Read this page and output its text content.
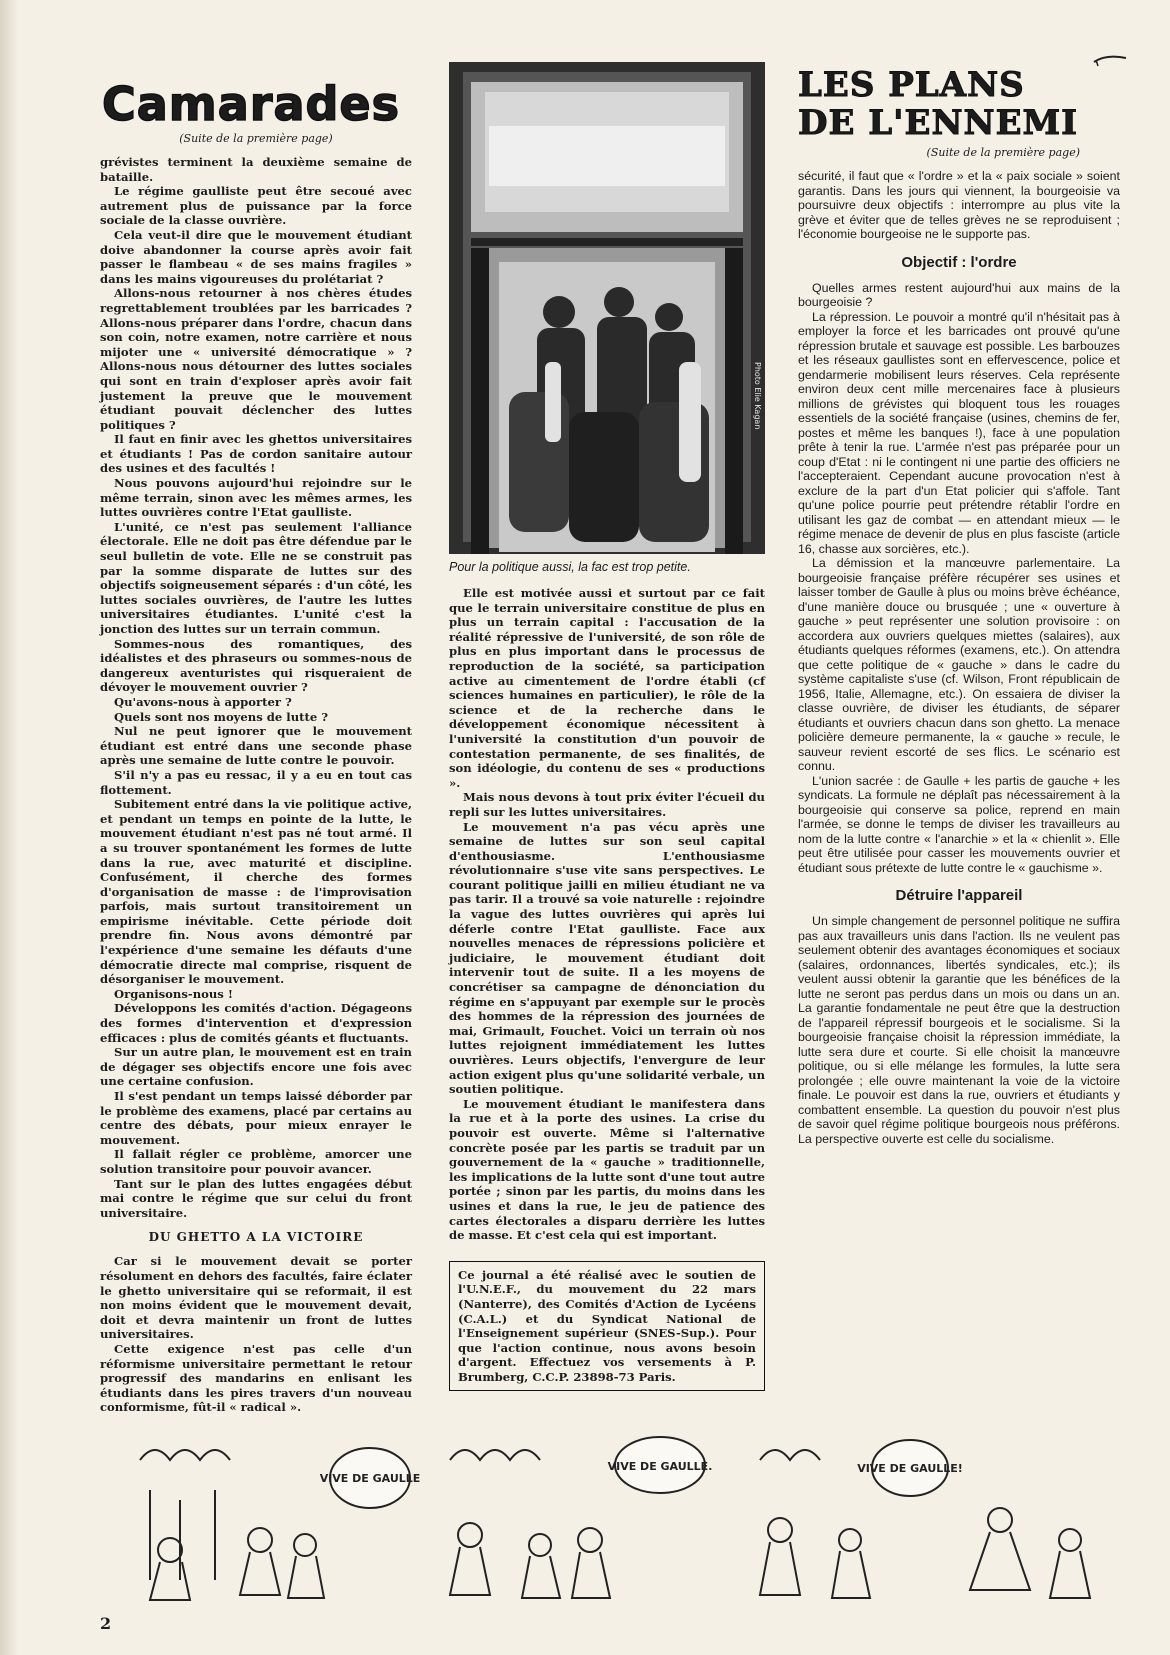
Camarades
(Suite de la première page)

grévistes terminent la deuxième semaine de bataille.

Le régime gaulliste peut être secoué avec autrement plus de puissance par la force sociale de la classe ouvrière.

Cela veut-il dire que le mouvement étudiant doive abandonner la course après avoir fait passer le flambeau « de ses mains fragiles » dans les mains vigoureuses du prolétariat ?

Allons-nous retourner à nos chères études regrettablement troublées par les barricades ? Allons-nous préparer dans l'ordre, chacun dans son coin, notre examen, notre carrière et nous mijoter une « université démocratique » ? Allons-nous nous détourner des luttes sociales qui sont en train d'exploser après avoir fait justement la preuve que le mouvement étudiant pouvait déclencher des luttes politiques ?

Il faut en finir avec les ghettos universitaires et étudiants ! Pas de cordon sanitaire autour des usines et des facultés !

Nous pouvons aujourd'hui rejoindre sur le même terrain, sinon avec les mêmes armes, les luttes ouvrières contre l'Etat gaulliste.

L'unité, ce n'est pas seulement l'alliance électorale. Elle ne doit pas être défendue par le seul bulletin de vote. Elle ne se construit pas par la somme disparate de luttes sur des objectifs soigneusement séparés : d'un côté, les luttes sociales ouvrières, de l'autre les luttes universitaires étudiantes. L'unité c'est la jonction des luttes sur un terrain commun.

Sommes-nous des romantiques, des idéalistes et des phraseurs ou sommes-nous de dangereux aventuristes qui risqueraient de dévoyer le mouvement ouvrier ?

Qu'avons-nous à apporter ?

Quels sont nos moyens de lutte ?

Nul ne peut ignorer que le mouvement étudiant est entré dans une seconde phase après une semaine de lutte contre le pouvoir.

S'il n'y a pas eu ressac, il y a eu en tout cas flottement.

Subitement entré dans la vie politique active, et pendant un temps en pointe de la lutte, le mouvement étudiant n'est pas né tout armé. Il a su trouver spontanément les formes de lutte dans la rue, avec maturité et discipline. Confusément, il cherche des formes d'organisation de masse : de l'improvisation parfois, mais surtout transitoirement un empirisme inévitable. Cette période doit prendre fin. Nous avons démontré par l'expérience d'une semaine les défauts d'une démocratie directe mal comprise, risquent de désorganiser le mouvement.

Organisons-nous !

Développons les comités d'action. Dégageons des formes d'intervention et d'expression efficaces : plus de comités géants et fluctuants.

Sur un autre plan, le mouvement est en train de dégager ses objectifs encore une fois avec une certaine confusion.

Il s'est pendant un temps laissé déborder par le problème des examens, placé par certains au centre des débats, pour mieux enrayer le mouvement.

Il fallait régler ce problème, amorcer une solution transitoire pour pouvoir avancer.

Tant sur le plan des luttes engagées début mai contre le régime que sur celui du front universitaire.

DU GHETTO A LA VICTOIRE

Car si le mouvement devait se porter résolument en dehors des facultés, faire éclater le ghetto universitaire qui se reformait, il est non moins évident que le mouvement devait, doit et devra maintenir un front de luttes universitaires.

Cette exigence n'est pas celle d'un réformisme universitaire permettant le retour progressif des mandarins en enlisant les étudiants dans les pires travers d'un nouveau conformisme, fût-il « radical ».

Photo Elie Kagan
Pour la politique aussi, la fac est trop petite.

Elle est motivée aussi et surtout par ce fait que le terrain universitaire constitue de plus en plus un terrain capital : l'accusation de la réalité répressive de l'université, de son rôle de plus en plus important dans le processus de reproduction de la société, sa participation active au cimentement de l'ordre établi (cf sciences humaines en particulier), le rôle de la science et de la recherche dans le développement économique nécessitent à l'université la constitution d'un pouvoir de contestation permanente, de ses finalités, de son idéologie, du contenu de ses « productions ».

Mais nous devons à tout prix éviter l'écueil du repli sur les luttes universitaires.

Le mouvement n'a pas vécu après une semaine de luttes sur son seul capital d'enthousiasme. L'enthousiasme révolutionnaire s'use vite sans perspectives. Le courant politique jailli en milieu étudiant ne va pas tarir. Il a trouvé sa voie naturelle : rejoindre la vague des luttes ouvrières qui après lui déferle contre l'Etat gaulliste. Face aux nouvelles menaces de répressions policière et judiciaire, le mouvement étudiant doit intervenir tout de suite. Il a les moyens de concrétiser sa campagne de dénonciation du régime en s'appuyant par exemple sur le procès des hommes de la répression des journées de mai, Grimault, Fouchet. Voici un terrain où nos luttes rejoignent immédiatement les luttes ouvrières. Leurs objectifs, l'envergure de leur action exigent plus qu'une solidarité verbale, un soutien politique.

Le mouvement étudiant le manifestera dans la rue et à la porte des usines. La crise du pouvoir est ouverte. Même si l'alternative concrète posée par les partis se traduit par un gouvernement de la « gauche » traditionnelle, les implications de la lutte sont d'une tout autre portée ; sinon par les partis, du moins dans les usines et dans la rue, le jeu de patience des cartes électorales a disparu derrière les luttes de masse. Et c'est cela qui est important.

Ce journal a été réalisé avec le soutien de l'U.N.E.F., du mouvement du 22 mars (Nanterre), des Comités d'Action de Lycéens (C.A.L.) et du Syndicat National de l'Enseignement supérieur (SNES-Sup.). Pour que l'action continue, nous avons besoin d'argent. Effectuez vos versements à P. Brumberg, C.C.P. 23898-73 Paris.

LES PLANS
DE L'ENNEMI
(Suite de la première page)

sécurité, il faut que « l'ordre » et la « paix sociale » soient garantis. Dans les jours qui viennent, la bourgeoisie va poursuivre deux objectifs : interrompre au plus vite la grève et éviter que de telles grèves ne se reproduisent ; l'économie bourgeoise ne le supporte pas.

Objectif : l'ordre

Quelles armes restent aujourd'hui aux mains de la bourgeoisie ?

La répression. Le pouvoir a montré qu'il n'hésitait pas à employer la force et les barricades ont prouvé qu'une répression brutale et sauvage est possible. Les barbouzes et les réseaux gaullistes sont en effervescence, police et gendarmerie mobilisent leurs réserves. Cela représente environ deux cent mille mercenaires face à plusieurs millions de grévistes qui bloquent tous les rouages essentiels de la société française (usines, chemins de fer, postes et même les banques !), face à une population prête à tenir la rue. L'armée n'est pas préparée pour un coup d'Etat : ni le contingent ni une partie des officiers ne l'accepteraient. Cependant aucune provocation n'est à exclure de la part d'un Etat policier qui s'affole. Tant qu'une police pourrie peut prétendre rétablir l'ordre en utilisant les gaz de combat — en attendant mieux — le régime menace de devenir de plus en plus fasciste (article 16, chasse aux sorcières, etc.).

La démission et la manœuvre parlementaire. La bourgeoisie française préfère récupérer ses usines et laisser tomber de Gaulle à plus ou moins brève échéance, d'une manière douce ou brusquée ; une « ouverture à gauche » peut représenter une solution provisoire : on accordera aux ouvriers quelques miettes (salaires), aux étudiants quelques réformes (examens, etc.). On attendra que cette politique de « gauche » dans le cadre du système capitaliste s'use (cf. Wilson, Front républicain de 1956, Italie, Allemagne, etc.). On essaiera de diviser la classe ouvrière, de diviser les étudiants, de séparer étudiants et ouvriers chacun dans son ghetto. La menace policière demeure permanente, la « gauche » recule, le sauveur revient escorté de ses flics. Le scénario est connu.

L'union sacrée : de Gaulle + les partis de gauche + les syndicats. La formule ne déplaît pas nécessairement à la bourgeoisie qui conserve sa police, reprend en main l'armée, se donne le temps de diviser les travailleurs au nom de la lutte contre « l'anarchie » et la « chienlit ». Elle peut être utilisée pour casser les mouvements ouvrier et étudiant sous prétexte de lutte contre le « gauchisme ».

Détruire l'appareil

Un simple changement de personnel politique ne suffira pas aux travailleurs unis dans l'action. Ils ne veulent pas seulement obtenir des avantages économiques et sociaux (salaires, ordonnances, libertés syndicales, etc.); ils veulent aussi obtenir la garantie que les bénéfices de la lutte ne seront pas perdus dans un mois ou dans un an. La garantie fondamentale ne peut être que la destruction de l'appareil répressif bourgeois et le socialisme. Si la bourgeoisie française choisit la répression immédiate, la lutte sera dure et courte. Si elle choisit la manœuvre politique, ou si elle mélange les formules, la lutte sera prolongée ; elle ouvre maintenant la voie de la victoire finale. Le pouvoir est dans la rue, ouvriers et étudiants y combattent ensemble. La question du pouvoir n'est plus de savoir quel régime politique bourgeois nous préférons. La perspective ouverte est celle du socialisme.

VIVE DE GAULLE
VIVE DE GAULLE.	VIVE DE GAULLE!
2
